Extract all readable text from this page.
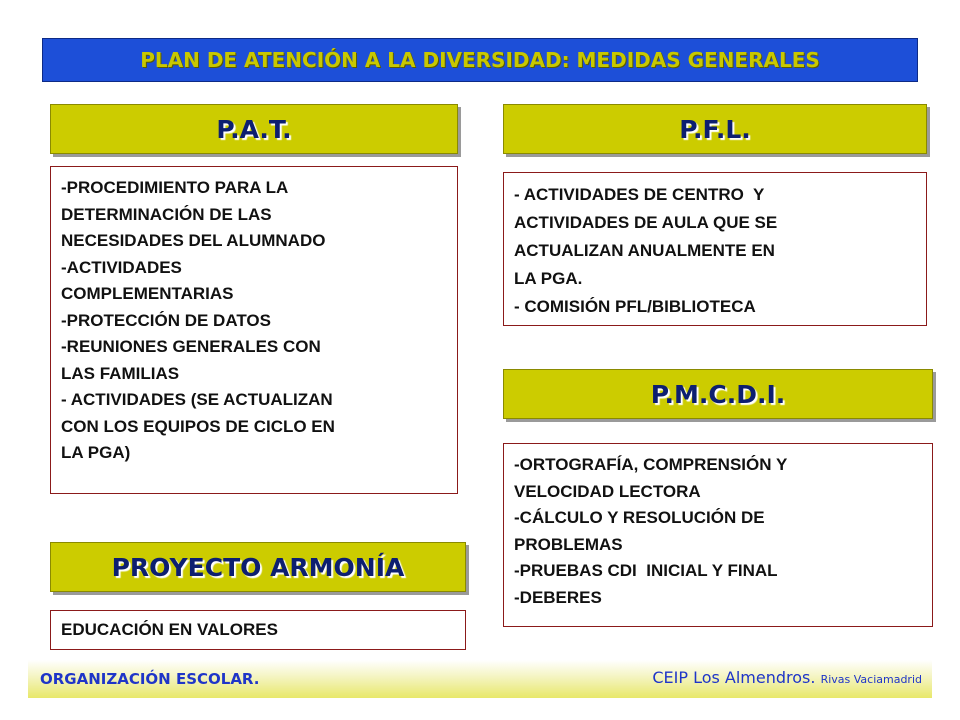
PLAN DE ATENCIÓN A LA DIVERSIDAD: MEDIDAS GENERALES
P.A.T.
-PROCEDIMIENTO PARA LA
DETERMINACIÓN DE LAS
NECESIDADES DEL ALUMNADO
-ACTIVIDADES
COMPLEMENTARIAS
-PROTECCIÓN DE DATOS
-REUNIONES GENERALES CON
LAS FAMILIAS
- ACTIVIDADES (SE ACTUALIZAN
CON LOS EQUIPOS DE CICLO EN
LA PGA)
P.F.L.
- ACTIVIDADES DE CENTRO  Y
ACTIVIDADES DE AULA QUE SE
ACTUALIZAN ANUALMENTE EN
LA PGA.
- COMISIÓN PFL/BIBLIOTECA
P.M.C.D.I.
-ORTOGRAFÍA, COMPRENSIÓN Y
VELOCIDAD LECTORA
-CÁLCULO Y RESOLUCIÓN DE
PROBLEMAS
-PRUEBAS CDI  INICIAL Y FINAL
-DEBERES
PROYECTO ARMONÍA
EDUCACIÓN EN VALORES
ORGANIZACIÓN ESCOLAR.	CEIP Los Almendros. Rivas Vaciamadrid
